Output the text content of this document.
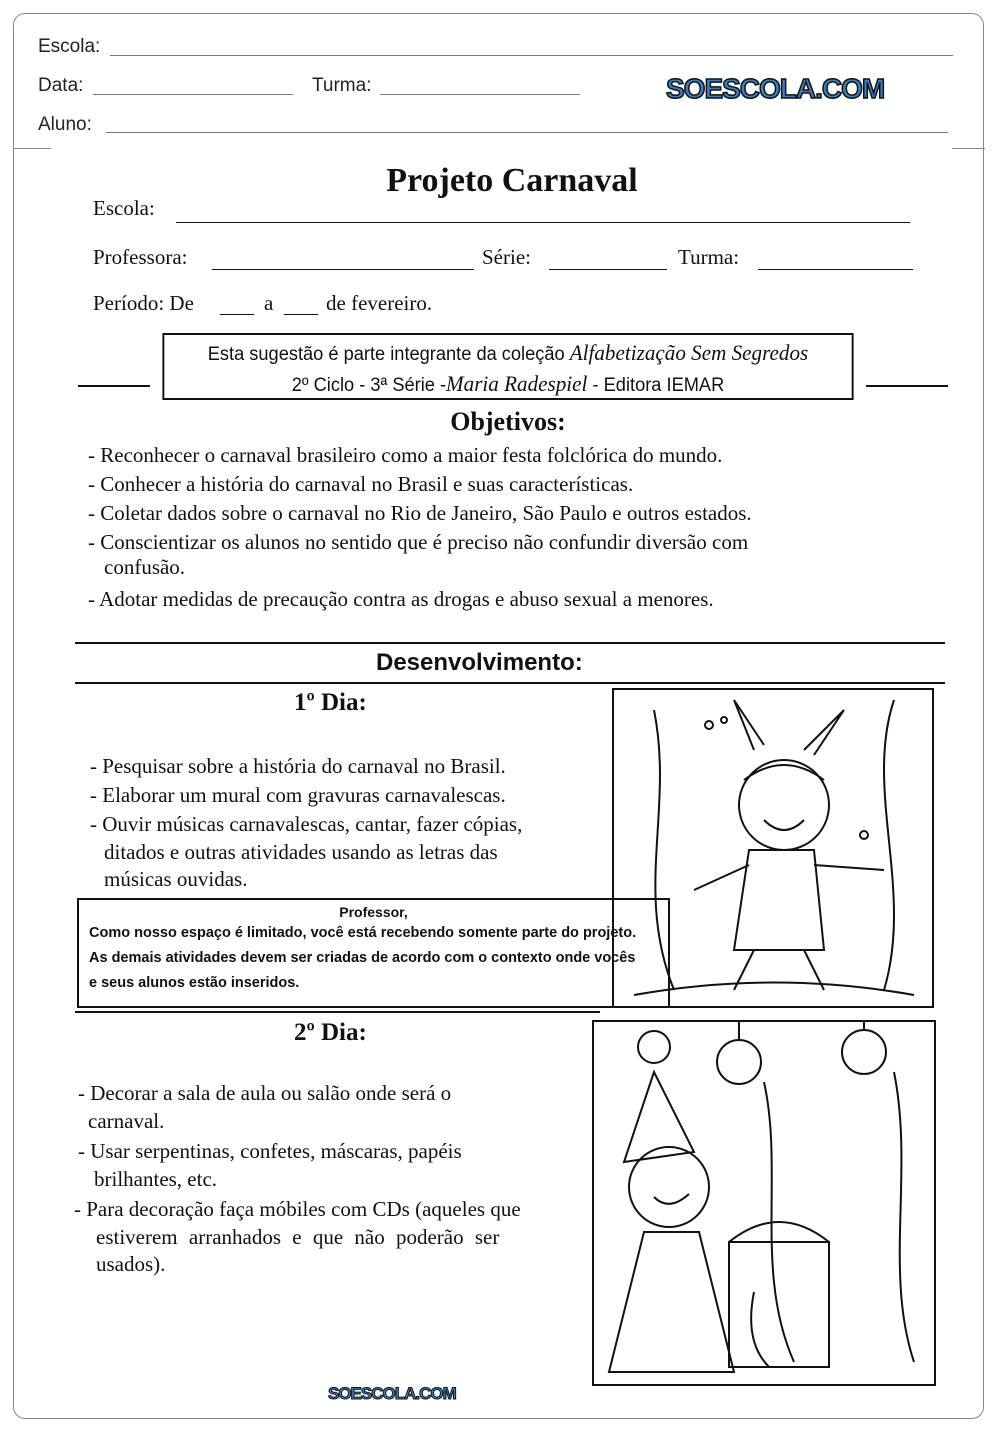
Escola:
Data:	Turma:
Aluno:
SOESCOLA.COM
Projeto Carnaval
Escola:
Professora:	Série:	Turma:
Período: De	a	de fevereiro.
Esta sugestão é parte integrante da coleção Alfabetização Sem Segredos
2º Ciclo - 3ª Série -Maria Radespiel - Editora IEMAR
Objetivos:
- Reconhecer o carnaval brasileiro como a maior festa folclórica do mundo.
- Conhecer a história do carnaval no Brasil e suas características.
- Coletar dados sobre o carnaval no Rio de Janeiro, São Paulo e outros estados.
- Conscientizar os alunos no sentido que é preciso não confundir diversão com
confusão.
- Adotar medidas de precaução contra as drogas e abuso sexual a menores.
Desenvolvimento:
1º Dia:
- Pesquisar sobre a história do carnaval no Brasil.
- Elaborar um mural com gravuras carnavalescas.
- Ouvir músicas carnavalescas, cantar, fazer cópias,
ditados e outras atividades usando as letras das
músicas ouvidas.
Professor,
Como nosso espaço é limitado, você está recebendo somente parte do projeto.
As demais atividades devem ser criadas de acordo com o contexto onde vocês
e seus alunos estão inseridos.
2º Dia:
- Decorar a sala de aula ou salão onde será o
carnaval.
- Usar serpentinas, confetes, máscaras, papéis
brilhantes, etc.
- Para decoração faça móbiles com CDs (aqueles que
estiverem arranhados e que não poderão ser
usados).
SOESCOLA.COM
